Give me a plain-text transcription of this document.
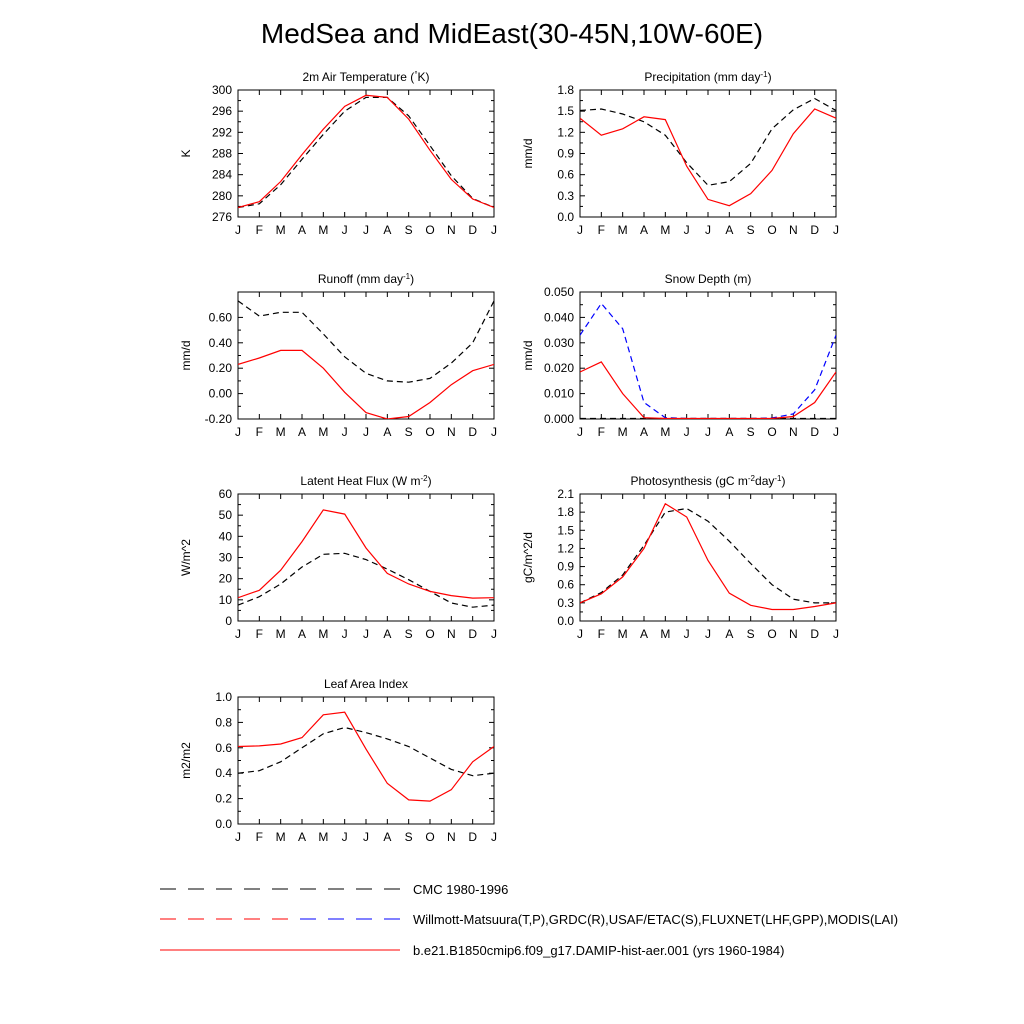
MedSea and MidEast(30-45N,10W-60E)
2m Air Temperature (°K)
J F M A M J J A S O N D J
276
280
284
288
292
296
300
K
Precipitation (mm day$^{-1}$)
J F M A M J J A S O N D J
0.0
0.3
0.6
0.9
1.2
1.5
1.8
mm/d
Runoff (mm day$^{-1}$)
J F M A M J J A S O N D J
-0.20
0.00
0.20
0.40
0.60
mm/d
Snow Depth (m)
J F M A M J J A S O N D J
0.000
0.010
0.020
0.030
0.040
0.050
mm/d
Latent Heat Flux (W $m^{-2}$)
J F M A M J J A S O N D J
0
10
20
30
40
50
60
W/m^2
Photosynthesis (gC $m^{-2}day^{-1}$)
J F M A M J J A S O N D J
0.0
0.3
0.6
0.9
1.2
1.5
1.8
2.1
gC/m^2/d
Leaf Area Index
J F M A M J J A S O N D J
0.0
0.2
0.4
0.6
0.8
1.0
m2/m2
CMC 1980-1996
Willmott-Matsuura(T,P),GRDC(R),USAF/ETAC(S),FLUXNET(LHF,GPP),MODIS(LAI)
b.e21.B1850cmip6.f09_g17.DAMIP-hist-aer.001 (yrs 1960-1984)
